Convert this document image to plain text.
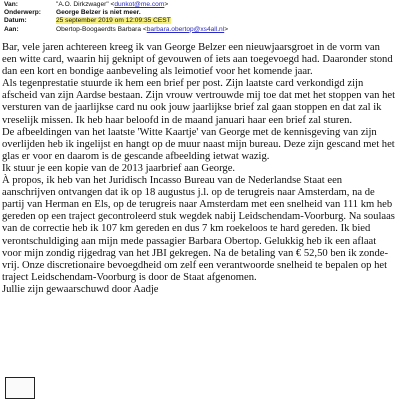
Van:	"A.O. Dirkzwager" <dunkot@me.com>
Onderwerp: George Belzer is niet meer.
Datum:	25 september 2019 om 12:09:35 CEST
Aan:	Obertop-Boogaerdts Barbara <barbara.obertop@xs4all.nl>

Bar, vele jaren achtereen kreeg ik van George Belzer een nieuwjaarsgroet in de vorm van een witte card, waarin hij geknipt of gevouwen of iets aan toegevoegd had. Daaronder stond dan een kort en bondige aanbeveling als leimotief voor het komende jaar.

Als tegenprestatie stuurde ik hem een brief per post. Zijn laatste card verkondigd zijn afscheid van zijn Aardse bestaan. Zijn vrouw vertrouwde mij toe dat met het stoppen van het versturen van de jaarlijkse card nu ook jouw jaarlijkse brief zal gaan stoppen en dat zal ik vreselijk missen. Ik heb haar beloofd in de maand januari haar een brief zal sturen.

De afbeeldingen van het laatste 'Witte Kaartje' van George met de kennisgeving van zijn overlijden heb ik ingelijst en hangt op de muur naast mijn bureau. Deze zijn gescand met het glas er voor en daarom is de gescande afbeelding ietwat wazig.

Ik stuur je een kopie van de 2013 jaarbrief aan George.

À propos, ik heb van het Juridisch Incasso Bureau van de Nederlandse Staat een aanschrijven ontvangen dat ik op 18 augustus j.l. op de terugreis naar Amsterdam, na de partij van Herman en Els, op de terugreis naar Amsterdam met een snelheid van 111 km heb gereden op een traject gecontroleerd stuk wegdek nabij Leidschendam-Voorburg. Na soulaas van de correctie heb ik 107 km gereden en dus 7 km roekeloos te hard gereden. Ik bied verontschuldiging aan mijn mede passagier Barbara Obertop. Gelukkig heb ik een aflaat voor mijn zondig rijgedrag van het JBI gekregen. Na de betaling van € 52,50 ben ik zonde-vrij. Onze discretionaire bevoegdheid om zelf een verantwoorde snelheid te bepalen op het traject Leidschendam-Voorburg is door de Staat afgenomen.

Jullie zijn gewaarschuwd door Aadje
